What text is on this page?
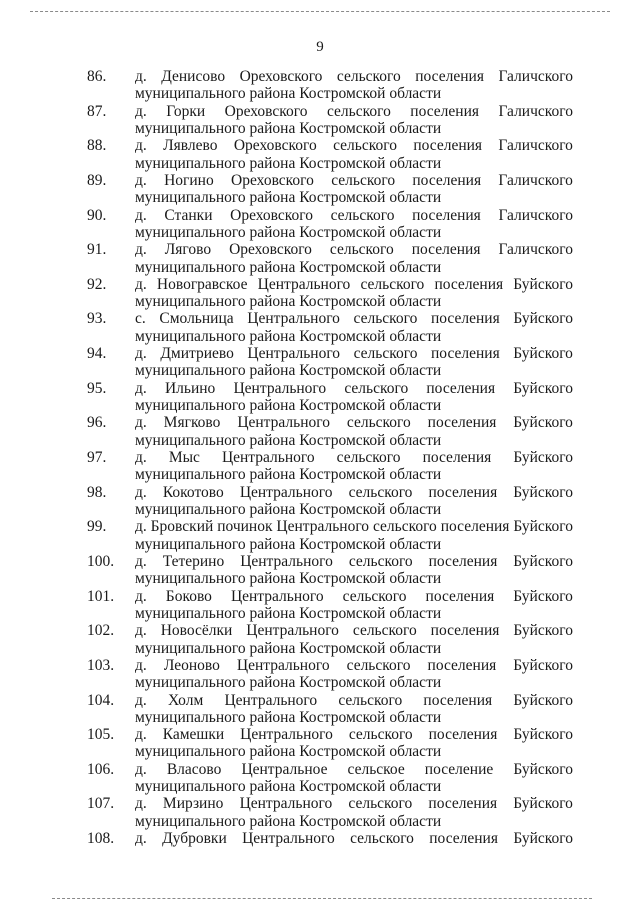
9
86. д. Денисово Ореховского сельского поселения Галичского
муниципального района Костромской области
87. д. Горки Ореховского сельского поселения Галичского
муниципального района Костромской области
88. д. Лявлево Ореховского сельского поселения Галичского
муниципального района Костромской области
89. д. Ногино Ореховского сельского поселения Галичского
муниципального района Костромской области
90. д. Станки Ореховского сельского поселения Галичского
муниципального района Костромской области
91. д. Лягово Ореховского сельского поселения Галичского
муниципального района Костромской области
92. д. Новогравское Центрального сельского поселения Буйского
муниципального района Костромской области
93. с. Смольница Центрального сельского поселения Буйского
муниципального района Костромской области
94. д. Дмитриево Центрального сельского поселения Буйского
муниципального района Костромской области
95. д. Ильино Центрального сельского поселения Буйского
муниципального района Костромской области
96. д. Мягково Центрального сельского поселения Буйского
муниципального района Костромской области
97. д. Мыс Центрального сельского поселения Буйского
муниципального района Костромской области
98. д. Кокотово Центрального сельского поселения Буйского
муниципального района Костромской области
99. д. Бровский починок Центрального сельского поселения Буйского
муниципального района Костромской области
100. д. Тетерино Центрального сельского поселения Буйского
муниципального района Костромской области
101. д. Боково Центрального сельского поселения Буйского
муниципального района Костромской области
102. д. Новосёлки Центрального сельского поселения Буйского
муниципального района Костромской области
103. д. Леоново Центрального сельского поселения Буйского
муниципального района Костромской области
104. д. Холм Центрального сельского поселения Буйского
муниципального района Костромской области
105. д. Камешки Центрального сельского поселения Буйского
муниципального района Костромской области
106. д. Власово Центральное сельское поселение Буйского
муниципального района Костромской области
107. д. Мирзино Центрального сельского поселения Буйского
муниципального района Костромской области
108. д. Дубровки Центрального сельского поселения Буйского
